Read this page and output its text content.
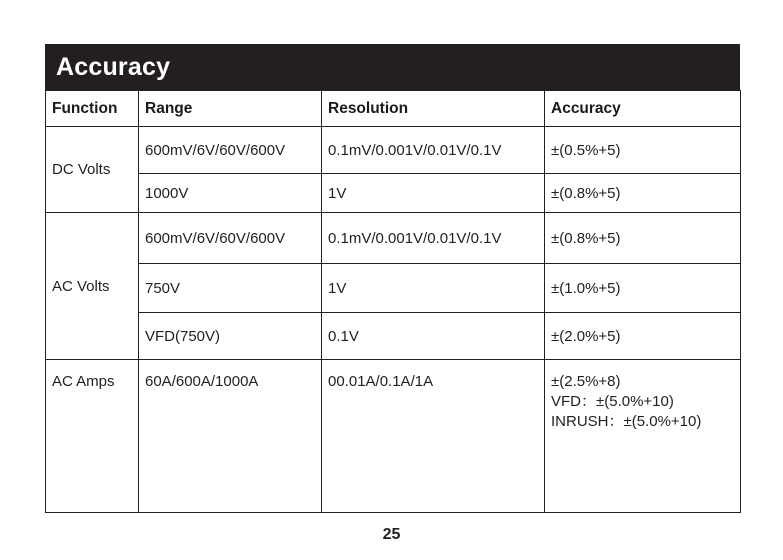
Accuracy
Function	Range	Resolution	Accuracy
DC Volts	600mV/6V/60V/600V	0.1mV/0.001V/0.01V/0.1V	±(0.5%+5)
	1000V	1V	±(0.8%+5)
AC Volts	600mV/6V/60V/600V	0.1mV/0.001V/0.01V/0.1V	±(0.8%+5)
	750V	1V	±(1.0%+5)
	VFD(750V)	0.1V	±(2.0%+5)
AC Amps	60A/600A/1000A	00.01A/0.1A/1A	±(2.5%+8)
VFD：±(5.0%+10)
INRUSH：±(5.0%+10)
25
